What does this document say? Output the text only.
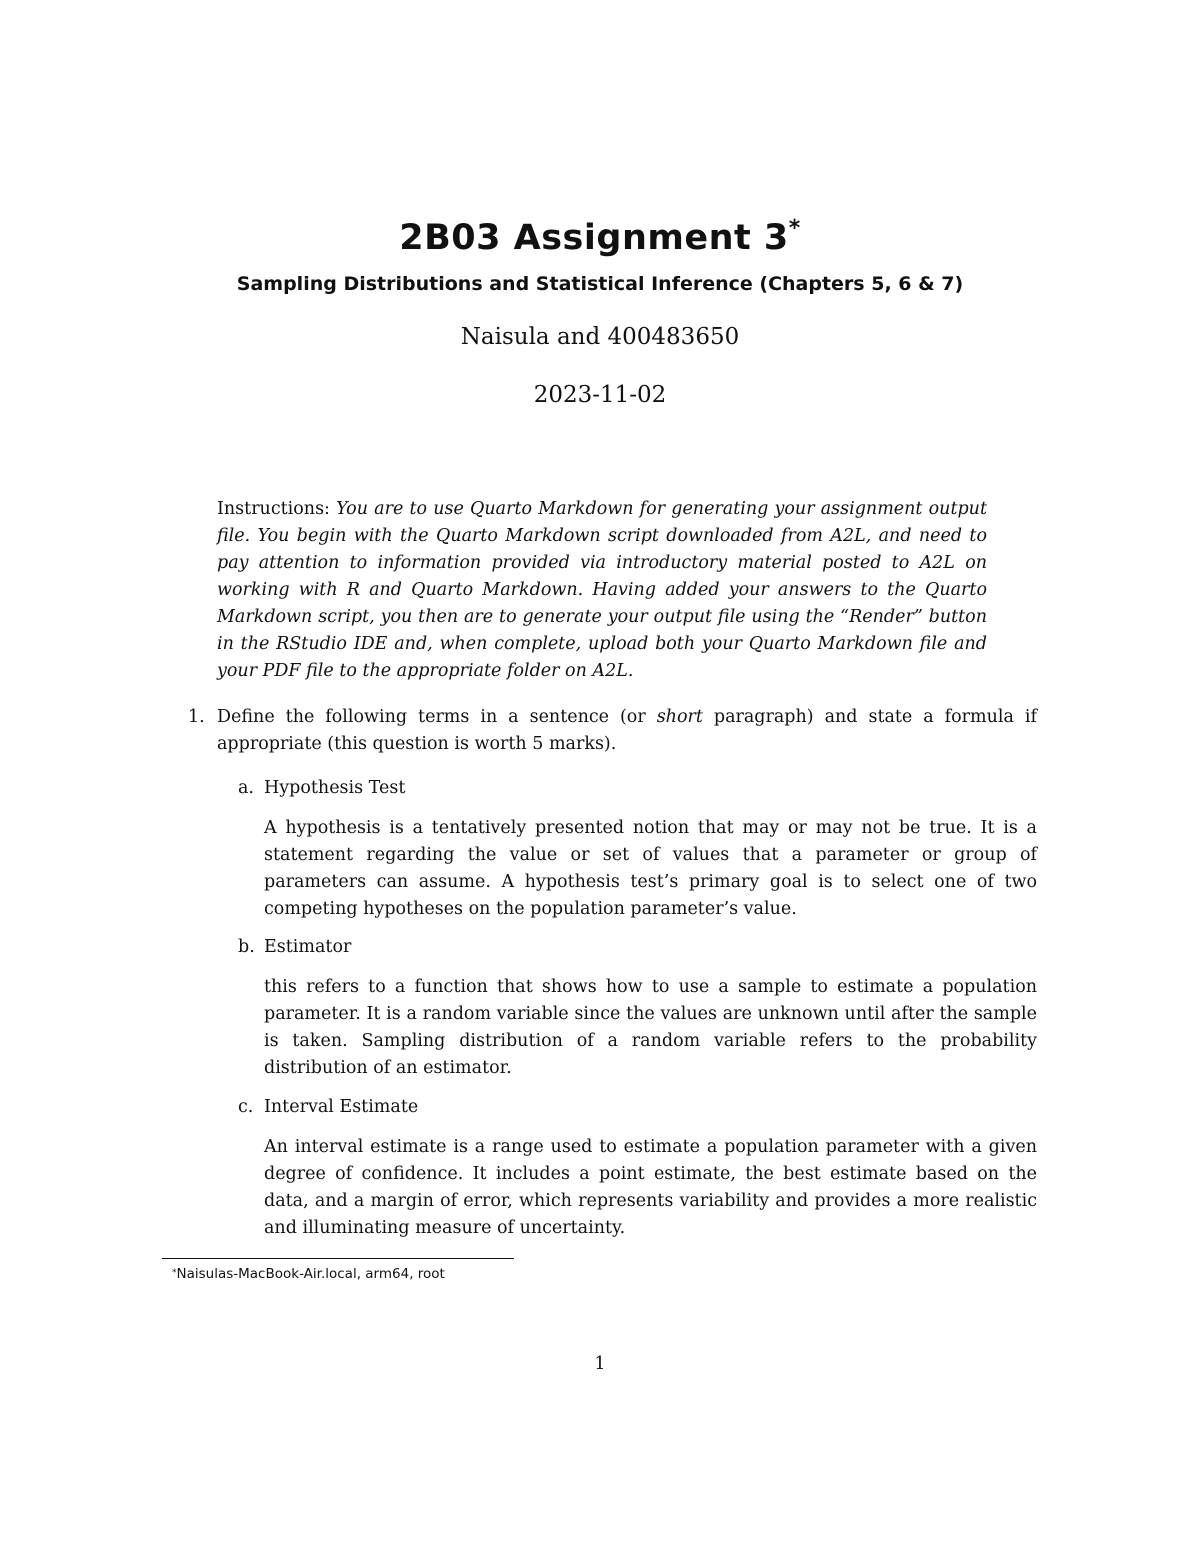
2B03 Assignment 3*

Sampling Distributions and Statistical Inference (Chapters 5, 6 & 7)

Naisula and 400483650

2023-11-02

Instructions: You are to use Quarto Markdown for generating your assignment output file. You begin with the Quarto Markdown script downloaded from A2L, and need to pay attention to information provided via introductory material posted to A2L on working with R and Quarto Markdown. Having added your answers to the Quarto Markdown script, you then are to generate your output file using the “Render” button in the RStudio IDE and, when complete, upload both your Quarto Markdown file and your PDF file to the appropriate folder on A2L.

1. Define the following terms in a sentence (or short paragraph) and state a formula if appropriate (this question is worth 5 marks).

a. Hypothesis Test

A hypothesis is a tentatively presented notion that may or may not be true. It is a statement regarding the value or set of values that a parameter or group of parameters can assume. A hypothesis test’s primary goal is to select one of two competing hypotheses on the population parameter’s value.

b. Estimator

this refers to a function that shows how to use a sample to estimate a population parameter. It is a random variable since the values are unknown until after the sample is taken. Sampling distribution of a random variable refers to the probability distribution of an estimator.

c. Interval Estimate

An interval estimate is a range used to estimate a population parameter with a given degree of confidence. It includes a point estimate, the best estimate based on the data, and a margin of error, which represents variability and provides a more realistic and illuminating measure of uncertainty.

*Naisulas-MacBook-Air.local, arm64, root
1
